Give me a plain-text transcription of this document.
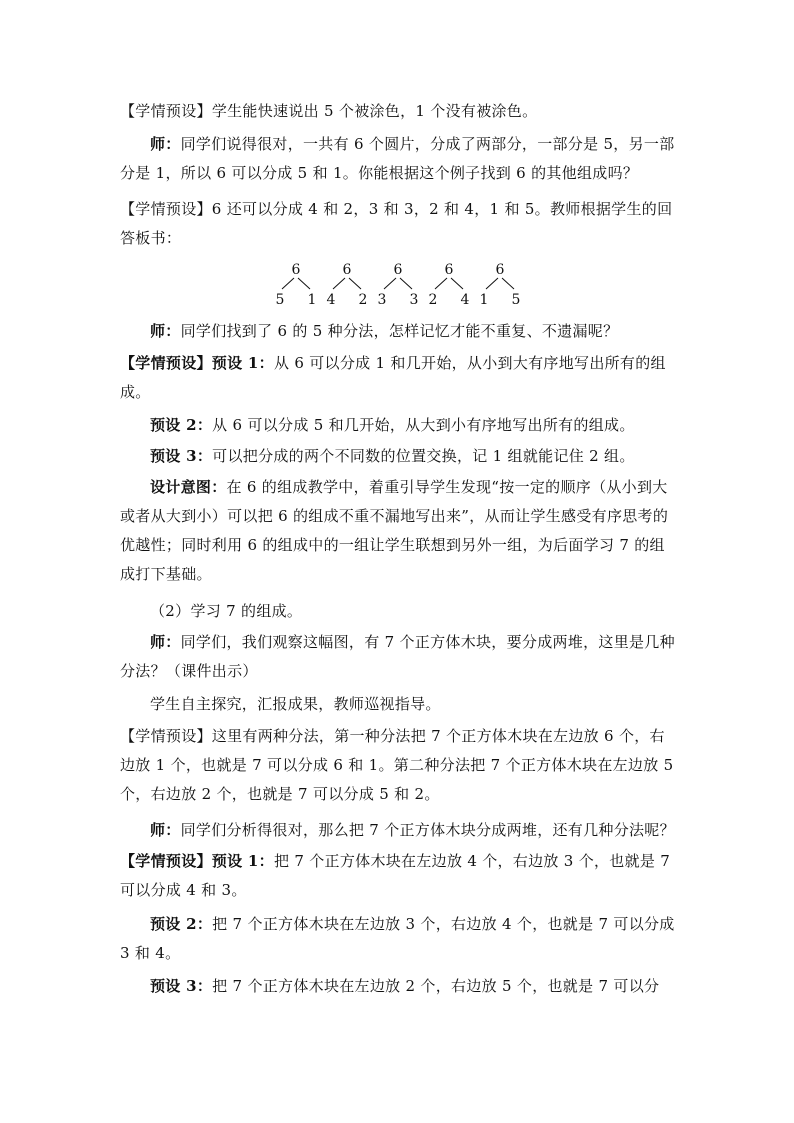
【学情预设】学生能快速说出 5 个被涂色，1 个没有被涂色。
师：同学们说得很对，一共有 6 个圆片，分成了两部分，一部分是 5，另一部分是 1，所以 6 可以分成 5 和 1。你能根据这个例子找到 6 的其他组成吗？
【学情预设】6 还可以分成 4 和 2，3 和 3，2 和 4，1 和 5。教师根据学生的回答板书：
6
5 1
6
4 2
6
3 3
6
2 4
6
1 5
师：同学们找到了 6 的 5 种分法，怎样记忆才能不重复、不遗漏呢？
【学情预设】预设 1：从 6 可以分成 1 和几开始，从小到大有序地写出所有的组成。
预设 2：从 6 可以分成 5 和几开始，从大到小有序地写出所有的组成。
预设 3：可以把分成的两个不同数的位置交换，记 1 组就能记住 2 组。
设计意图：在 6 的组成教学中，着重引导学生发现“按一定的顺序（从小到大或者从大到小）可以把 6 的组成不重不漏地写出来”，从而让学生感受有序思考的优越性；同时利用 6 的组成中的一组让学生联想到另外一组，为后面学习 7 的组成打下基础。
（2）学习 7 的组成。
师：同学们，我们观察这幅图，有 7 个正方体木块，要分成两堆，这里是几种分法？（课件出示）
学生自主探究，汇报成果，教师巡视指导。
【学情预设】这里有两种分法，第一种分法把 7 个正方体木块在左边放 6 个，右边放 1 个，也就是 7 可以分成 6 和 1。第二种分法把 7 个正方体木块在左边放 5 个，右边放 2 个，也就是 7 可以分成 5 和 2。
师：同学们分析得很对，那么把 7 个正方体木块分成两堆，还有几种分法呢？
【学情预设】预设 1：把 7 个正方体木块在左边放 4 个，右边放 3 个，也就是 7 可以分成 4 和 3。
预设 2：把 7 个正方体木块在左边放 3 个，右边放 4 个，也就是 7 可以分成 3 和 4。
预设 3：把 7 个正方体木块在左边放 2 个，右边放 5 个，也就是 7 可以分
